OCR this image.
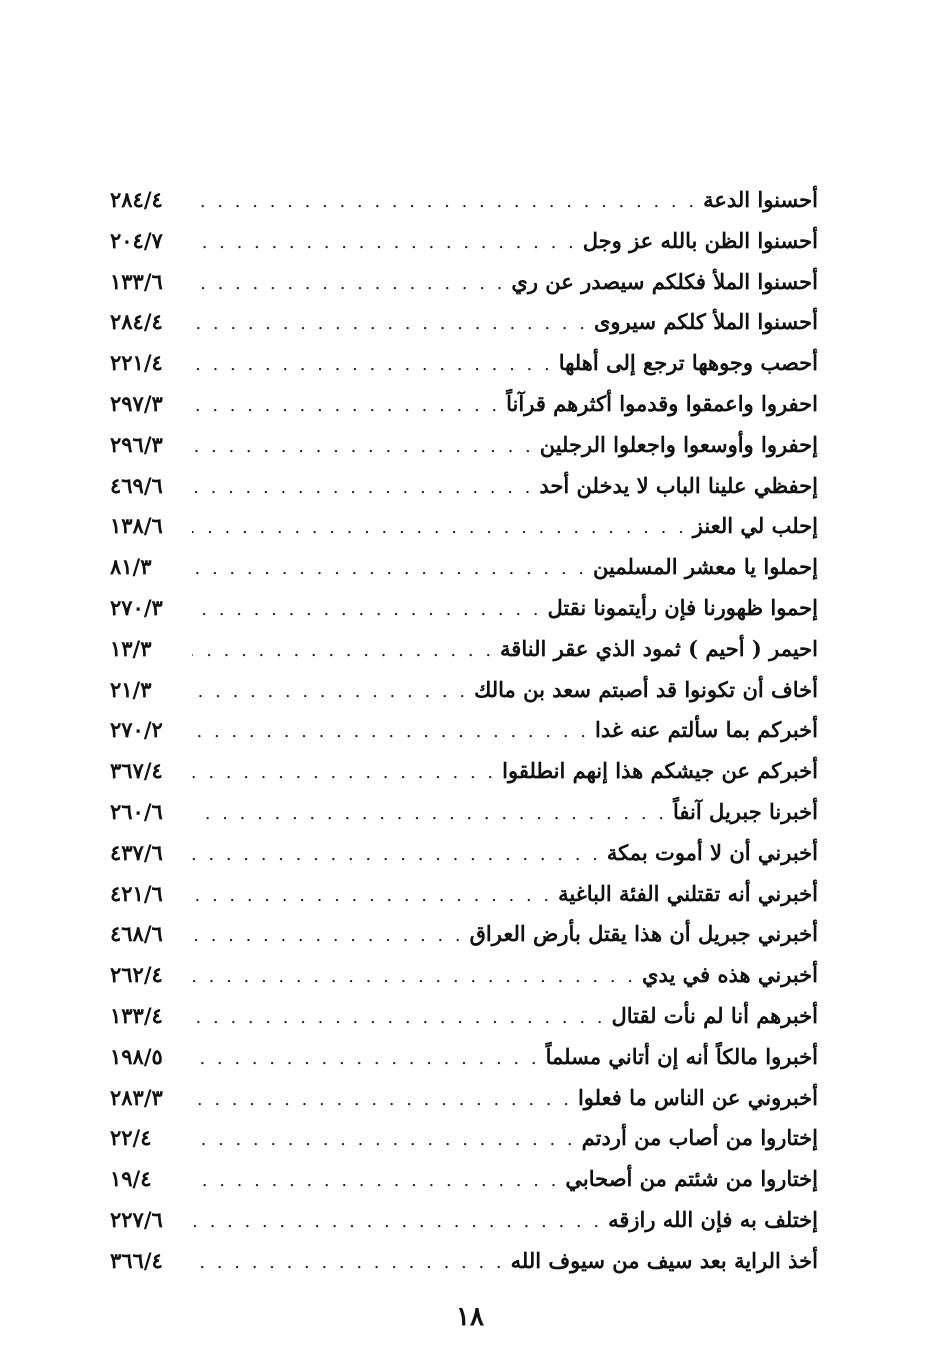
أحسنوا الدعة
. . .
٢٨٤/٤
أحسنوا الظن بالله عز وجل
. . .
٢٠٤/٧
أحسنوا الملأ فكلكم سيصدر عن ري
. . .
١٣٣/٦
أحسنوا الملأ كلكم سيروى
. . .
٢٨٤/٤
أحصب وجوهها ترجع إلى أهلها
. . .
٢٢١/٤
احفروا واعمقوا وقدموا أكثرهم قرآناً
. . .
٢٩٧/٣
إحفروا وأوسعوا واجعلوا الرجلين
. . .
٢٩٦/٣
إحفظي علينا الباب لا يدخلن أحد
. . .
٤٦٩/٦
إحلب لي العنز
. . .
١٣٨/٦
إحملوا يا معشر المسلمين
. . .
٨١/٣
إحموا ظهورنا فإن رأيتمونا نقتل
. . .
٢٧٠/٣
احيمر ( أحيم ) ثمود الذي عقر الناقة
. . .
١٣/٣
أخاف أن تكونوا قد أصبتم سعد بن مالك
. . .
٢١/٣
أخبركم بما سألتم عنه غدا
. . .
٢٧٠/٢
أخبركم عن جيشكم هذا إنهم انطلقوا
. . .
٣٦٧/٤
أخبرنا جبريل آنفاً
. . .
٢٦٠/٦
أخبرني أن لا أموت بمكة
. . .
٤٣٧/٦
أخبرني أنه تقتلني الفئة الباغية
. . .
٤٢١/٦
أخبرني جبريل أن هذا يقتل بأرض العراق
. . .
٤٦٨/٦
أخبرني هذه في يدي
. . .
٢٦٢/٤
أخبرهم أنا لم نأت لقتال
. . .
١٣٣/٤
أخبروا مالكاً أنه إن أتاني مسلماً
. . .
١٩٨/٥
أخبروني عن الناس ما فعلوا
. . .
٢٨٣/٣
إختاروا من أصاب من أردتم
. . .
٢٢/٤
إختاروا من شئتم من أصحابي
. . .
١٩/٤
إختلف به فإن الله رازقه
. . .
٢٢٧/٦
أخذ الراية بعد سيف من سيوف الله
. . .
٣٦٦/٤
١٨
